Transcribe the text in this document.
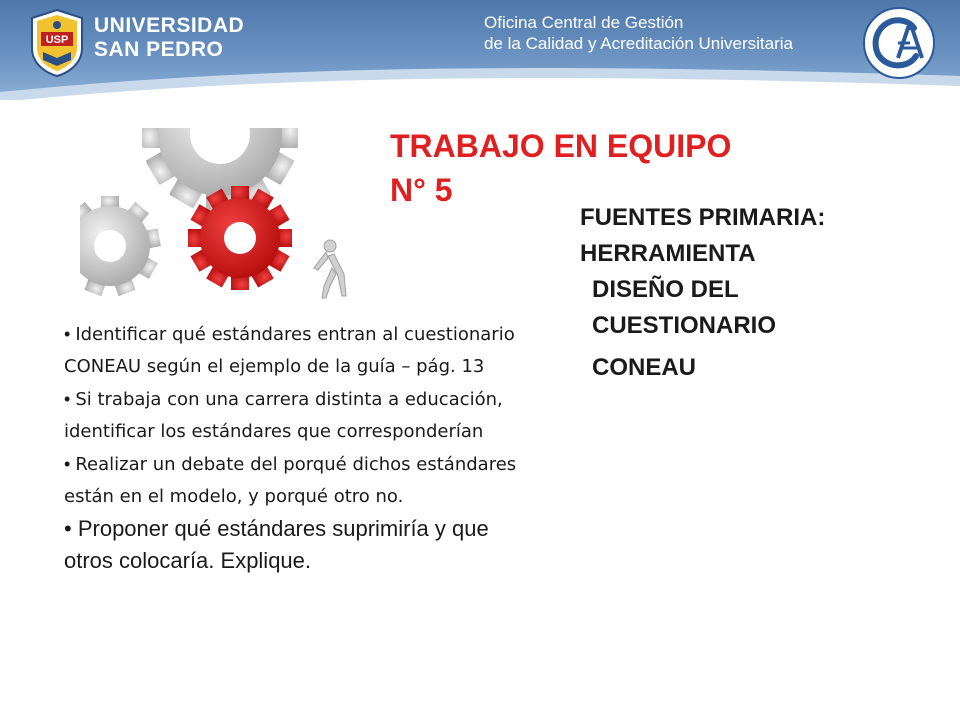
USP
UNIVERSIDAD
SAN PEDRO
Oficina Central de Gestión
de la Calidad y Acreditación Universitaria
TRABAJO EN EQUIPO
N° 5
FUENTES PRIMARIA:
HERRAMIENTA
DISEÑO DEL
CUESTIONARIO
CONEAU

• Identificar qué estándares entran al cuestionario CONEAU según el ejemplo de la guía – pág. 13

• Si trabaja con una carrera distinta a educación, identificar los estándares que corresponderían

• Realizar un debate del porqué dichos estándares están en el modelo, y porqué otro no.

• Proponer qué estándares suprimiría y que otros colocaría. Explique.
